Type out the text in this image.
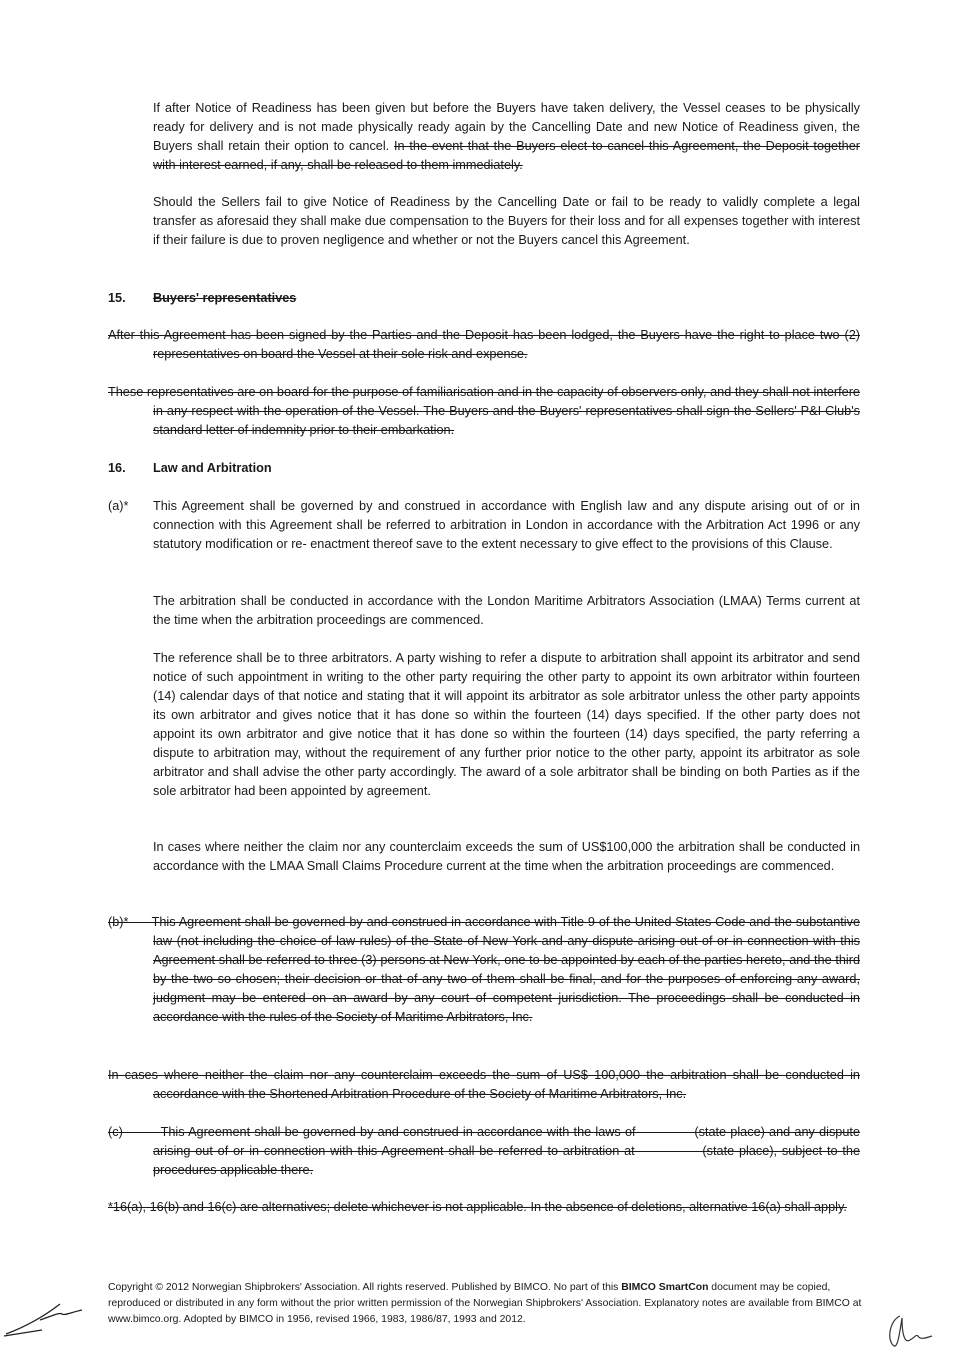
If after Notice of Readiness has been given but before the Buyers have taken delivery, the Vessel ceases to be physically ready for delivery and is not made physically ready again by the Cancelling Date and new Notice of Readiness given, the Buyers shall retain their option to cancel. In the event that the Buyers elect to cancel this Agreement, the Deposit together with interest earned, if any, shall be released to them immediately.
Should the Sellers fail to give Notice of Readiness by the Cancelling Date or fail to be ready to validly complete a legal transfer as aforesaid they shall make due compensation to the Buyers for their loss and for all expenses together with interest if their failure is due to proven negligence and whether or not the Buyers cancel this Agreement.
15. Buyers' representatives
After this Agreement has been signed by the Parties and the Deposit has been lodged, the Buyers have the right to place two (2) representatives on board the Vessel at their sole risk and expense.
These representatives are on board for the purpose of familiarisation and in the capacity of observers only, and they shall not interfere in any respect with the operation of the Vessel. The Buyers and the Buyers' representatives shall sign the Sellers' P&I Club's standard letter of indemnity prior to their embarkation.
16. Law and Arbitration
(a)* This Agreement shall be governed by and construed in accordance with English law and any dispute arising out of or in connection with this Agreement shall be referred to arbitration in London in accordance with the Arbitration Act 1996 or any statutory modification or re- enactment thereof save to the extent necessary to give effect to the provisions of this Clause.
The arbitration shall be conducted in accordance with the London Maritime Arbitrators Association (LMAA) Terms current at the time when the arbitration proceedings are commenced.
The reference shall be to three arbitrators. A party wishing to refer a dispute to arbitration shall appoint its arbitrator and send notice of such appointment in writing to the other party requiring the other party to appoint its own arbitrator within fourteen (14) calendar days of that notice and stating that it will appoint its arbitrator as sole arbitrator unless the other party appoints its own arbitrator and gives notice that it has done so within the fourteen (14) days specified. If the other party does not appoint its own arbitrator and give notice that it has done so within the fourteen (14) days specified, the party referring a dispute to arbitration may, without the requirement of any further prior notice to the other party, appoint its arbitrator as sole arbitrator and shall advise the other party accordingly. The award of a sole arbitrator shall be binding on both Parties as if the sole arbitrator had been appointed by agreement.
In cases where neither the claim nor any counterclaim exceeds the sum of US$100,000 the arbitration shall be conducted in accordance with the LMAA Small Claims Procedure current at the time when the arbitration proceedings are commenced.
(b)*      This Agreement shall be governed by and construed in accordance with Title 9 of the United States Code and the substantive law (not including the choice of law rules) of the State of New York and any dispute arising out of or in connection with this Agreement shall be referred to three (3) persons at New York, one to be appointed by each of the parties hereto, and the third by the two so chosen; their decision or that of any two of them shall be final, and for the purposes of enforcing any award, judgment may be entered on an award by any court of competent jurisdiction. The proceedings shall be conducted in accordance with the rules of the Society of Maritime Arbitrators, Inc.
In cases where neither the claim nor any counterclaim exceeds the sum of US$ 100,000 the arbitration shall be conducted in accordance with the Shortened Arbitration Procedure of the Society of Maritime Arbitrators, Inc.
(c)         This Agreement shall be governed by and construed in accordance with the laws of              (state place) and any dispute arising out of or in connection with this Agreement shall be referred to arbitration at              (state place), subject to the procedures applicable there.
*16(a), 16(b) and 16(c) are alternatives; delete whichever is not applicable. In the absence of deletions, alternative 16(a) shall apply.
Copyright © 2012 Norwegian Shipbrokers' Association. All rights reserved. Published by BIMCO. No part of this BIMCO SmartCon document may be copied, reproduced or distributed in any form without the prior written permission of the Norwegian Shipbrokers' Association. Explanatory notes are available from BIMCO at www.bimco.org. Adopted by BIMCO in 1956, revised 1966, 1983, 1986/87, 1993 and 2012.
